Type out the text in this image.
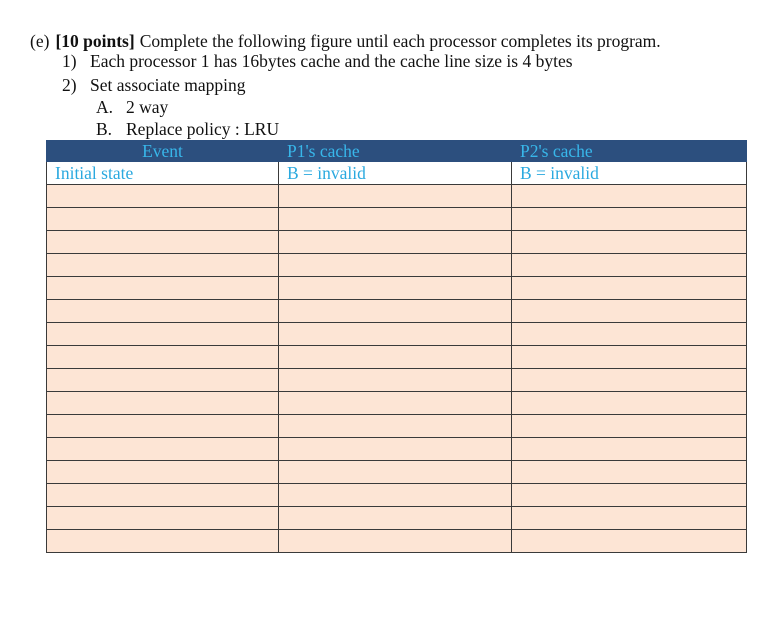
(e) [10 points] Complete the following figure until each processor completes its program.
1) Each processor 1 has 16bytes cache and the cache line size is 4 bytes
2) Set associate mapping
A. 2 way
B. Replace policy : LRU
Event	P1's cache	P2's cache
Initial state	B = invalid	B = invalid
